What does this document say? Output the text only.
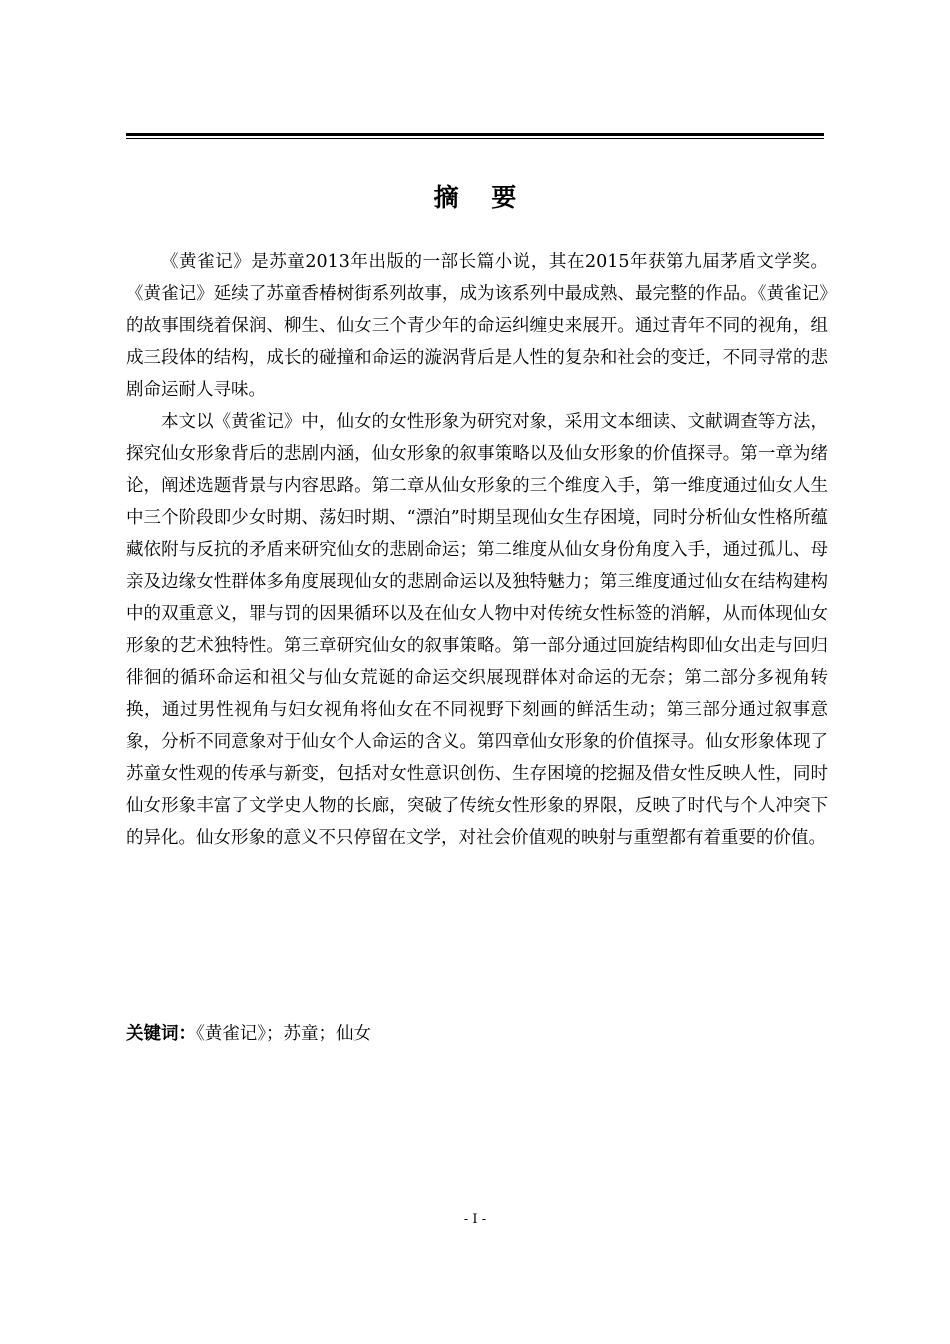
摘 要

《黄雀记》是苏童2013年出版的一部长篇小说，其在2015年获第九届茅盾文学奖。《黄雀记》延续了苏童香椿树街系列故事，成为该系列中最成熟、最完整的作品。《黄雀记》的故事围绕着保润、柳生、仙女三个青少年的命运纠缠史来展开。通过青年不同的视角，组成三段体的结构，成长的碰撞和命运的漩涡背后是人性的复杂和社会的变迁，不同寻常的悲剧命运耐人寻味。

本文以《黄雀记》中，仙女的女性形象为研究对象，采用文本细读、文献调查等方法，探究仙女形象背后的悲剧内涵，仙女形象的叙事策略以及仙女形象的价值探寻。第一章为绪论，阐述选题背景与内容思路。第二章从仙女形象的三个维度入手，第一维度通过仙女人生中三个阶段即少女时期、荡妇时期、“漂泊”时期呈现仙女生存困境，同时分析仙女性格所蕴藏依附与反抗的矛盾来研究仙女的悲剧命运；第二维度从仙女身份角度入手，通过孤儿、母亲及边缘女性群体多角度展现仙女的悲剧命运以及独特魅力；第三维度通过仙女在结构建构中的双重意义，罪与罚的因果循环以及在仙女人物中对传统女性标签的消解，从而体现仙女形象的艺术独特性。第三章研究仙女的叙事策略。第一部分通过回旋结构即仙女出走与回归徘徊的循环命运和祖父与仙女荒诞的命运交织展现群体对命运的无奈；第二部分多视角转换，通过男性视角与妇女视角将仙女在不同视野下刻画的鲜活生动；第三部分通过叙事意象，分析不同意象对于仙女个人命运的含义。第四章仙女形象的价值探寻。仙女形象体现了苏童女性观的传承与新变，包括对女性意识创伤、生存困境的挖掘及借女性反映人性，同时仙女形象丰富了文学史人物的长廊，突破了传统女性形象的界限，反映了时代与个人冲突下的异化。仙女形象的意义不只停留在文学，对社会价值观的映射与重塑都有着重要的价值。

关键词：《黄雀记》；苏童；仙女
- I -
